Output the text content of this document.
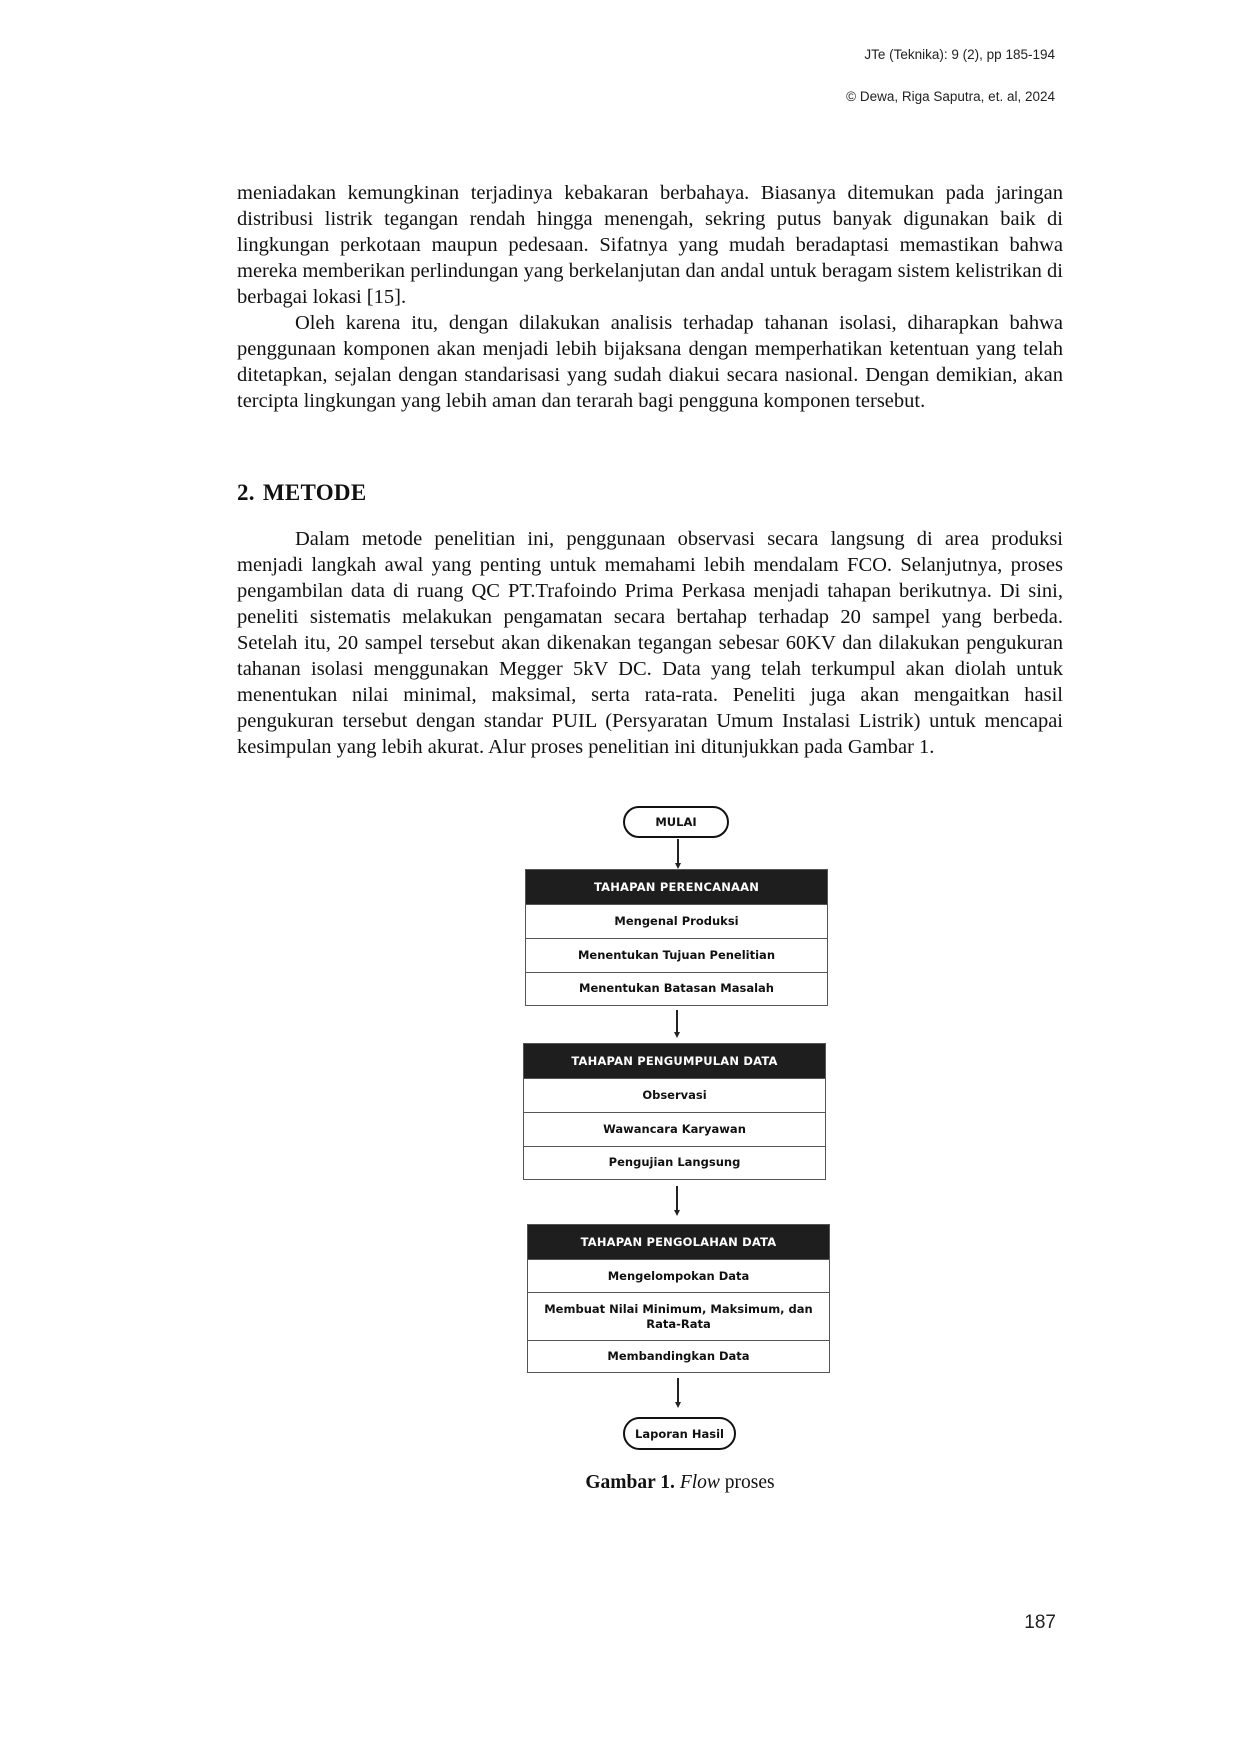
JTe (Teknika): 9 (2), pp 185-194
© Dewa, Riga Saputra, et. al, 2024

meniadakan kemungkinan terjadinya kebakaran berbahaya. Biasanya ditemukan pada jaringan distribusi listrik tegangan rendah hingga menengah, sekring putus banyak digunakan baik di lingkungan perkotaan maupun pedesaan. Sifatnya yang mudah beradaptasi memastikan bahwa mereka memberikan perlindungan yang berkelanjutan dan andal untuk beragam sistem kelistrikan di berbagai lokasi [15].

Oleh karena itu, dengan dilakukan analisis terhadap tahanan isolasi, diharapkan bahwa penggunaan komponen akan menjadi lebih bijaksana dengan memperhatikan ketentuan yang telah ditetapkan, sejalan dengan standarisasi yang sudah diakui secara nasional. Dengan demikian, akan tercipta lingkungan yang lebih aman dan terarah bagi pengguna komponen tersebut.

2. METODE

Dalam metode penelitian ini, penggunaan observasi secara langsung di area produksi menjadi langkah awal yang penting untuk memahami lebih mendalam FCO. Selanjutnya, proses pengambilan data di ruang QC PT.Trafoindo Prima Perkasa menjadi tahapan berikutnya. Di sini, peneliti sistematis melakukan pengamatan secara bertahap terhadap 20 sampel yang berbeda. Setelah itu, 20 sampel tersebut akan dikenakan tegangan sebesar 60KV dan dilakukan pengukuran tahanan isolasi menggunakan Megger 5kV DC. Data yang telah terkumpul akan diolah untuk menentukan nilai minimal, maksimal, serta rata-rata. Peneliti juga akan mengaitkan hasil pengukuran tersebut dengan standar PUIL (Persyaratan Umum Instalasi Listrik) untuk mencapai kesimpulan yang lebih akurat. Alur proses penelitian ini ditunjukkan pada Gambar 1.

MULAI
TAHAPAN PERENCANAAN
Mengenal Produksi
Menentukan Tujuan Penelitian
Menentukan Batasan Masalah
TAHAPAN PENGUMPULAN DATA
Observasi
Wawancara Karyawan
Pengujian Langsung
TAHAPAN PENGOLAHAN DATA
Mengelompokan Data
Membuat Nilai Minimum, Maksimum, dan Rata-Rata
Membandingkan Data
Laporan Hasil
Gambar 1. Flow proses
187
